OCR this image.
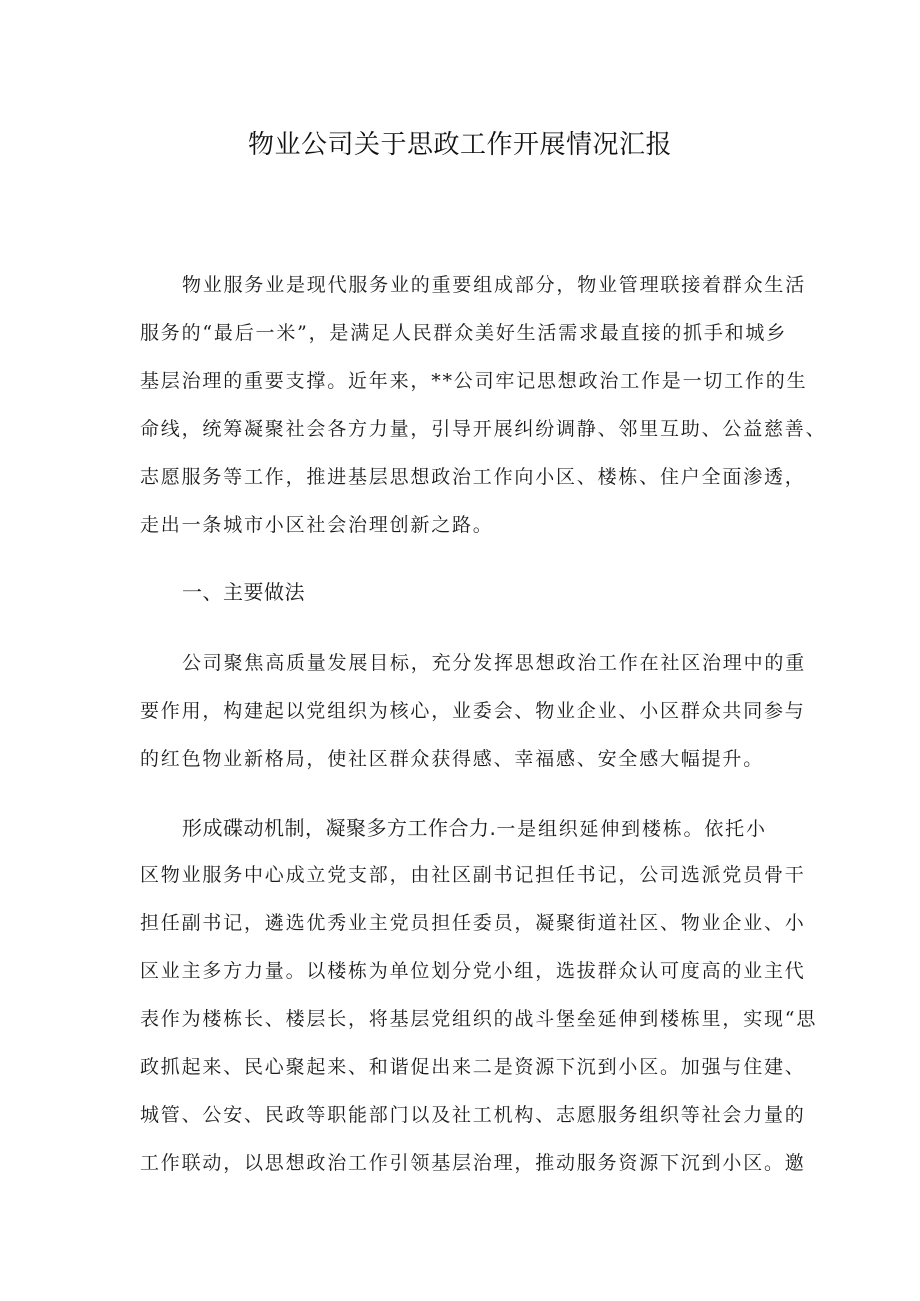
物业公司关于思政工作开展情况汇报
物业服务业是现代服务业的重要组成部分，物业管理联接着群众生活
服务的“最后一米”，是满足人民群众美好生活需求最直接的抓手和城乡
基层治理的重要支撑。近年来，**公司牢记思想政治工作是一切工作的生
命线，统筹凝聚社会各方力量，引导开展纠纷调静、邻里互助、公益慈善、
志愿服务等工作，推进基层思想政治工作向小区、楼栋、住户全面渗透，
走出一条城市小区社会治理创新之路。
一、主要做法
公司聚焦高质量发展目标，充分发挥思想政治工作在社区治理中的重
要作用，构建起以党组织为核心，业委会、物业企业、小区群众共同参与
的红色物业新格局，使社区群众获得感、幸福感、安全感大幅提升。
形成碟动机制，凝聚多方工作合力.一是组织延伸到楼栋。依托小
区物业服务中心成立党支部，由社区副书记担任书记，公司选派党员骨干
担任副书记，遴选优秀业主党员担任委员，凝聚街道社区、物业企业、小
区业主多方力量。以楼栋为单位划分党小组，选拔群众认可度高的业主代
表作为楼栋长、楼层长，将基层党组织的战斗堡垒延伸到楼栋里，实现“思
政抓起来、民心聚起来、和谐促出来二是资源下沉到小区。加强与住建、
城管、公安、民政等职能部门以及社工机构、志愿服务组织等社会力量的
工作联动，以思想政治工作引领基层治理，推动服务资源下沉到小区。邀
